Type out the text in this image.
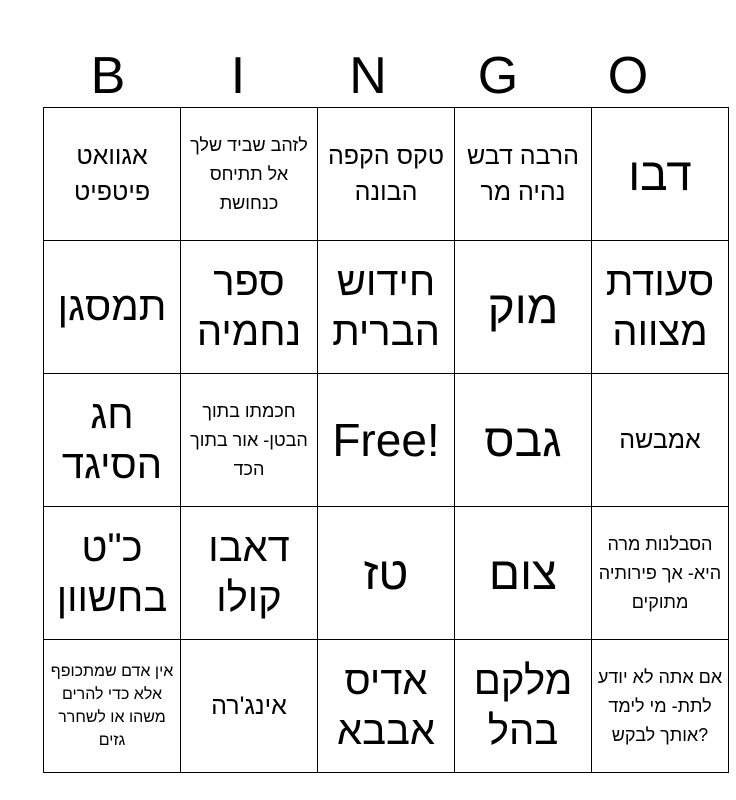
B	I	N	G	O
אגוואט פיטפיט	לזהב שביד שלך אל תתיחס כנחושת	טקס הקפה הבונה	הרבה דבש נהיה מר	דבו
תמסגן	ספר נחמיה	חידוש הברית	מוק	סעודת מצווה
חג הסיגד	חכמתו בתוך הבטן- אור בתוך הכד	Free!	גבס	אמבשה
כ"ט בחשוון	דאבו קולו	טז	צום	הסבלנות מרה היא- אך פירותיה מתוקים
אין אדם שמתכופף אלא כדי להרים משהו או לשחרר גזים	אינג'רה	אדיס אבבא	מלקם בהל	אם אתה לא יודע לתת- מי לימד אותך לבקש?
